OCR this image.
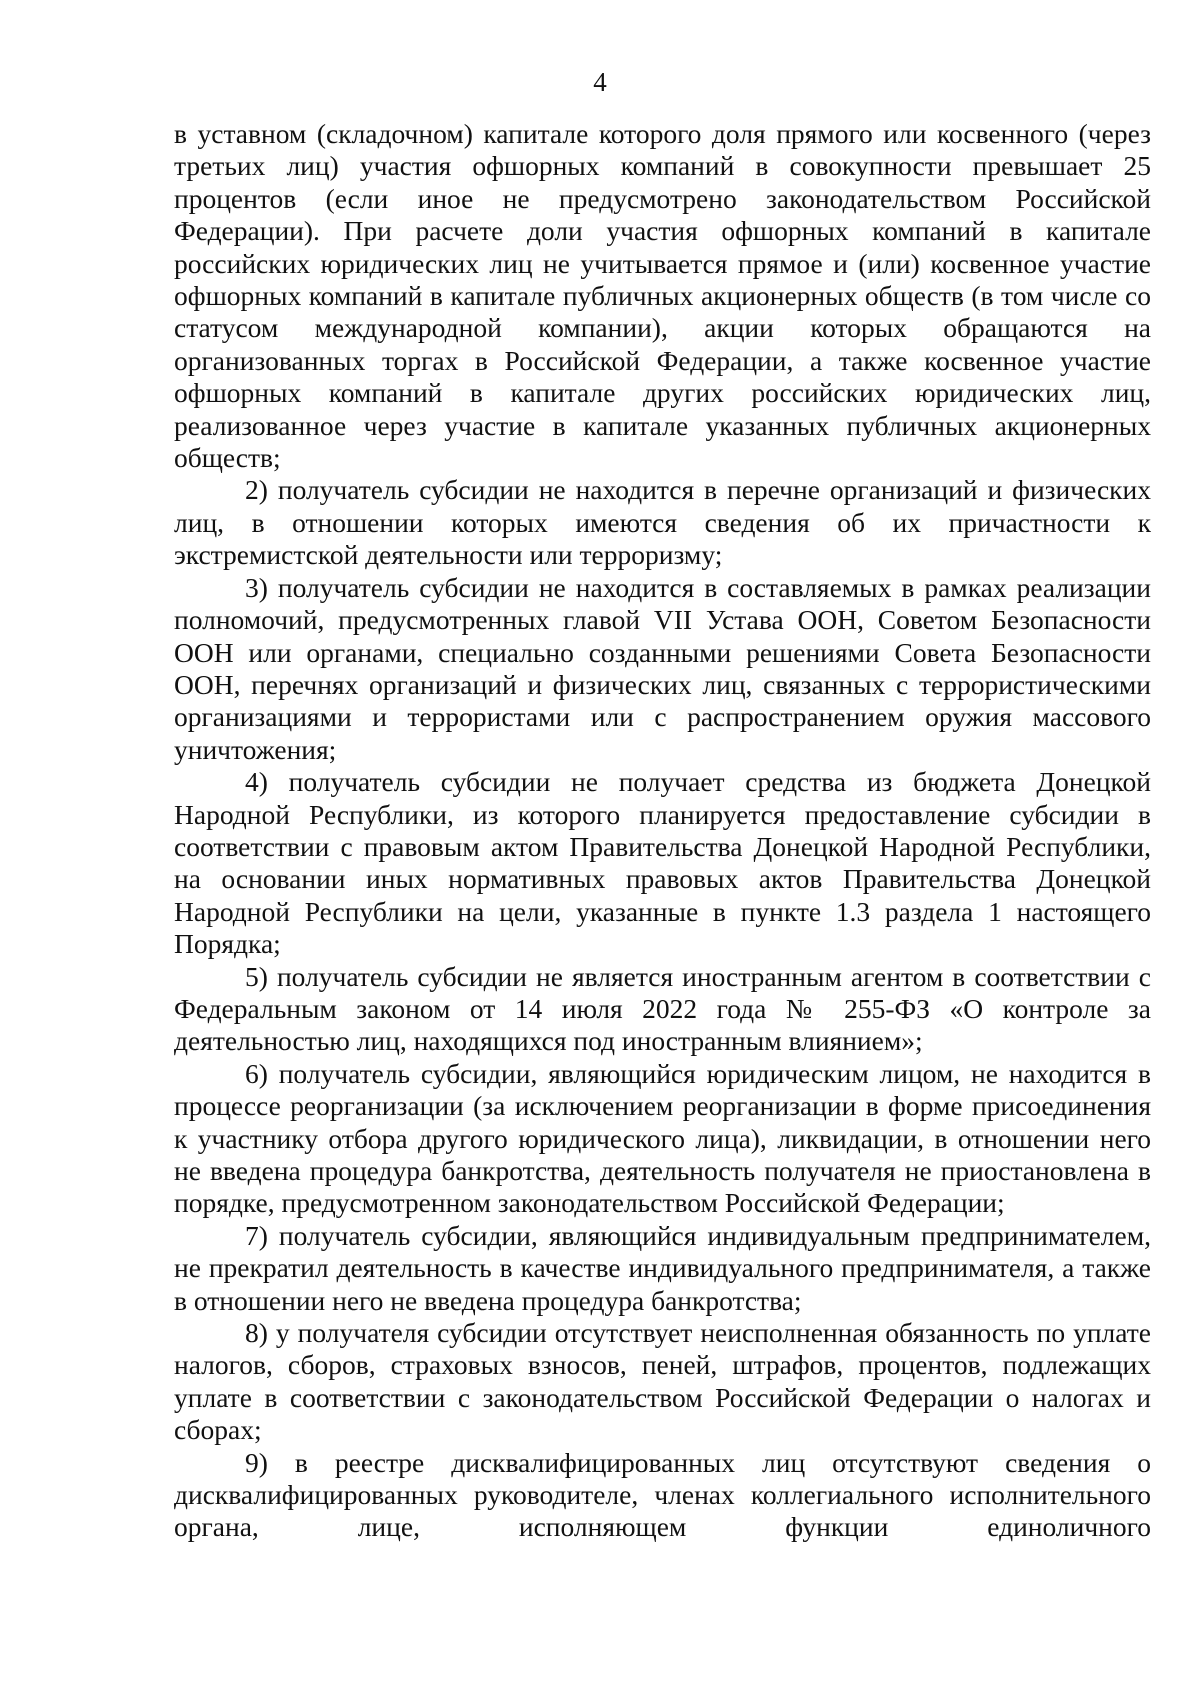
4

в уставном (складочном) капитале которого доля прямого или косвенного (через третьих лиц) участия офшорных компаний в совокупности превышает 25 процентов (если иное не предусмотрено законодательством Российской Федерации). При расчете доли участия офшорных компаний в капитале российских юридических лиц не учитывается прямое и (или) косвенное участие офшорных компаний в капитале публичных акционерных обществ (в том числе со статусом международной компании), акции которых обращаются на организованных торгах в Российской Федерации, а также косвенное участие офшорных компаний в капитале других российских юридических лиц, реализованное через участие в капитале указанных публичных акционерных обществ;

2) получатель субсидии не находится в перечне организаций и физических лиц, в отношении которых имеются сведения об их причастности к экстремистской деятельности или терроризму;

3) получатель субсидии не находится в составляемых в рамках реализации полномочий, предусмотренных главой VII Устава ООН, Советом Безопасности ООН или органами, специально созданными решениями Совета Безопасности ООН, перечнях организаций и физических лиц, связанных с террористическими организациями и террористами или с распространением оружия массового уничтожения;

4) получатель субсидии не получает средства из бюджета Донецкой Народной Республики, из которого планируется предоставление субсидии в соответствии с правовым актом Правительства Донецкой Народной Республики, на основании иных нормативных правовых актов Правительства Донецкой Народной Республики на цели, указанные в пункте 1.3 раздела 1 настоящего Порядка;

5) получатель субсидии не является иностранным агентом в соответствии с Федеральным законом от 14 июля 2022 года № 255-ФЗ «О контроле за деятельностью лиц, находящихся под иностранным влиянием»;

6) получатель субсидии, являющийся юридическим лицом, не находится в процессе реорганизации (за исключением реорганизации в форме присоединения к участнику отбора другого юридического лица), ликвидации, в отношении него не введена процедура банкротства, деятельность получателя не приостановлена в порядке, предусмотренном законодательством Российской Федерации;

7) получатель субсидии, являющийся индивидуальным предпринимателем, не прекратил деятельность в качестве индивидуального предпринимателя, а также в отношении него не введена процедура банкротства;

8) у получателя субсидии отсутствует неисполненная обязанность по уплате налогов, сборов, страховых взносов, пеней, штрафов, процентов, подлежащих уплате в соответствии с законодательством Российской Федерации о налогах и сборах;

9) в реестре дисквалифицированных лиц отсутствуют сведения о дисквалифицированных руководителе, членах коллегиального исполнительного органа, лице, исполняющем функции единоличного
